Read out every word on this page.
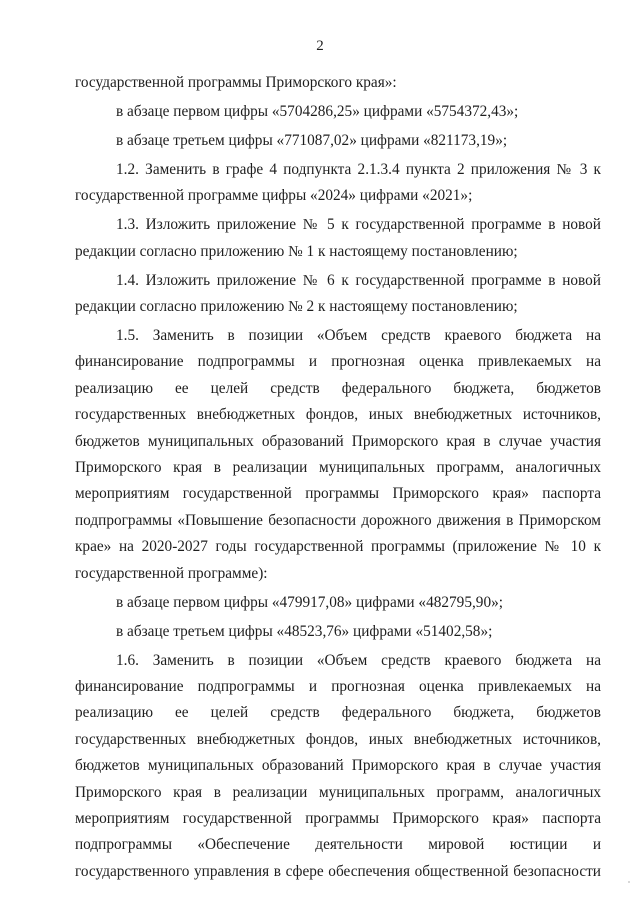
2
государственной программы Приморского края»:
в абзаце первом цифры «5704286,25» цифрами «5754372,43»;
в абзаце третьем цифры «771087,02» цифрами «821173,19»;
1.2. Заменить в графе 4 подпункта 2.1.3.4 пункта 2 приложения № 3 к
государственной программе цифры «2024» цифрами «2021»;
1.3. Изложить приложение № 5 к государственной программе в новой
редакции согласно приложению № 1 к настоящему постановлению;
1.4. Изложить приложение № 6 к государственной программе в новой
редакции согласно приложению № 2 к настоящему постановлению;
1.5. Заменить в позиции «Объем средств краевого бюджета на
финансирование подпрограммы и прогнозная оценка привлекаемых на
реализацию ее целей средств федерального бюджета, бюджетов
государственных внебюджетных фондов, иных внебюджетных источников,
бюджетов муниципальных образований Приморского края в случае участия
Приморского края в реализации муниципальных программ, аналогичных
мероприятиям государственной программы Приморского края» паспорта
подпрограммы «Повышение безопасности дорожного движения в Приморском
крае» на 2020-2027 годы государственной программы (приложение № 10 к
государственной программе):
в абзаце первом цифры «479917,08» цифрами «482795,90»;
в абзаце третьем цифры «48523,76» цифрами «51402,58»;
1.6. Заменить в позиции «Объем средств краевого бюджета на
финансирование подпрограммы и прогнозная оценка привлекаемых на
реализацию ее целей средств федерального бюджета, бюджетов
государственных внебюджетных фондов, иных внебюджетных источников,
бюджетов муниципальных образований Приморского края в случае участия
Приморского края в реализации муниципальных программ, аналогичных
мероприятиям государственной программы Приморского края» паспорта
подпрограммы «Обеспечение деятельности мировой юстиции и
государственного управления в сфере обеспечения общественной безопасности
